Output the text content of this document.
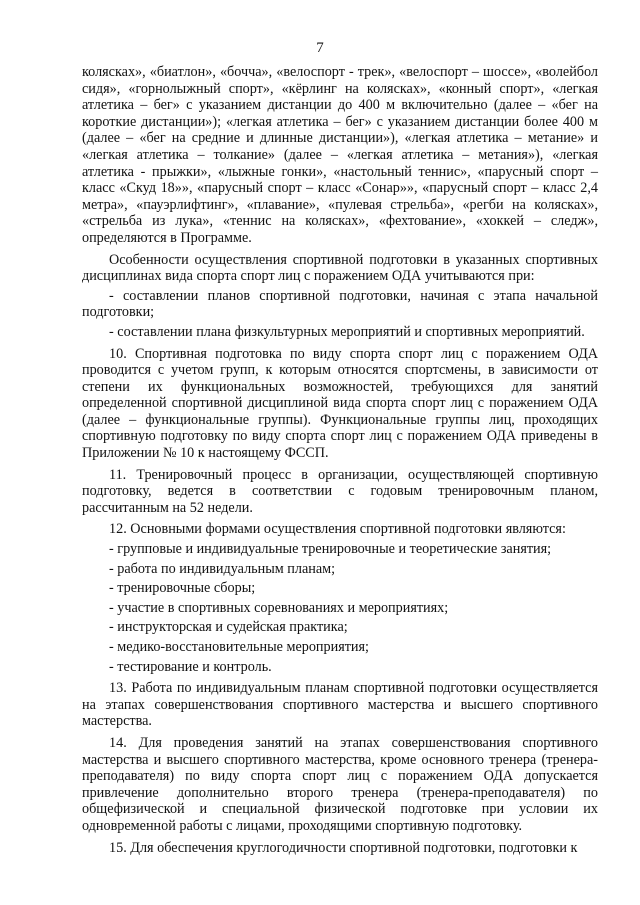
7

колясках», «биатлон», «бочча», «велоспорт - трек», «велоспорт – шоссе», «волейбол сидя», «горнолыжный спорт», «кёрлинг на колясках», «конный спорт», «легкая атлетика – бег» с указанием дистанции до 400 м включительно (далее – «бег на короткие дистанции»); «легкая атлетика – бег» с указанием дистанции более 400 м (далее – «бег на средние и длинные дистанции»), «легкая атлетика – метание» и «легкая атлетика – толкание» (далее – «легкая атлетика – метания»), «легкая атлетика - прыжки», «лыжные гонки», «настольный теннис», «парусный спорт – класс «Скуд 18»», «парусный спорт – класс «Сонар»», «парусный спорт – класс 2,4 метра», «пауэрлифтинг», «плавание», «пулевая стрельба», «регби на колясках», «стрельба из лука», «теннис на колясках», «фехтование», «хоккей – следж», определяются в Программе.

Особенности осуществления спортивной подготовки в указанных спортивных дисциплинах вида спорта спорт лиц с поражением ОДА учитываются при:

- составлении планов спортивной подготовки, начиная с этапа начальной подготовки;

- составлении плана физкультурных мероприятий и спортивных мероприятий.

10. Спортивная подготовка по виду спорта спорт лиц с поражением ОДА проводится с учетом групп, к которым относятся спортсмены, в зависимости от степени их функциональных возможностей, требующихся для занятий определенной спортивной дисциплиной вида спорта спорт лиц с поражением ОДА (далее – функциональные группы). Функциональные группы лиц, проходящих спортивную подготовку по виду спорта спорт лиц с поражением ОДА приведены в Приложении № 10 к настоящему ФССП.

11. Тренировочный процесс в организации, осуществляющей спортивную подготовку, ведется в соответствии с годовым тренировочным планом, рассчитанным на 52 недели.

12. Основными формами осуществления спортивной подготовки являются:

- групповые и индивидуальные тренировочные и теоретические занятия;

- работа по индивидуальным планам;

- тренировочные сборы;

- участие в спортивных соревнованиях и мероприятиях;

- инструкторская и судейская практика;

- медико-восстановительные мероприятия;

- тестирование и контроль.

13. Работа по индивидуальным планам спортивной подготовки осуществляется на этапах совершенствования спортивного мастерства и высшего спортивного мастерства.

14. Для проведения занятий на этапах совершенствования спортивного мастерства и высшего спортивного мастерства, кроме основного тренера (тренера-преподавателя) по виду спорта спорт лиц с поражением ОДА допускается привлечение дополнительно второго тренера (тренера-преподавателя) по общефизической и специальной физической подготовке при условии их одновременной работы с лицами, проходящими спортивную подготовку.

15. Для обеспечения круглогодичности спортивной подготовки, подготовки к
